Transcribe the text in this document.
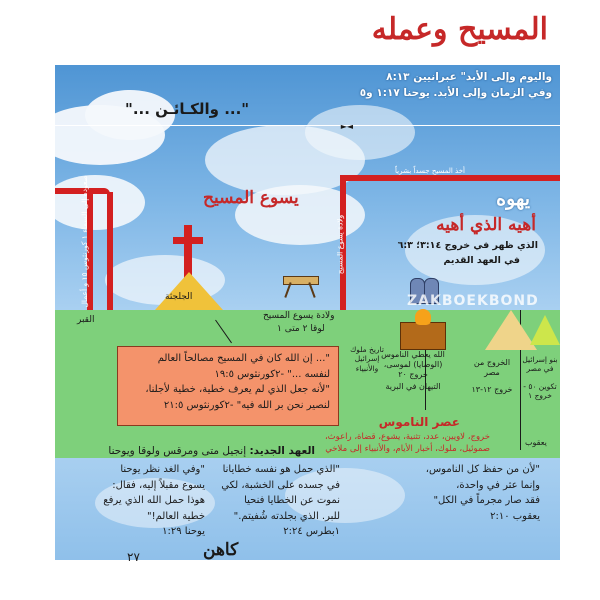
المسيح وعمله
واليوم وإلى الأبد" عبرانيين ٨:١٣
وفي الزمان وإلى الأبد. يوحنا ١:١٧ و٥
"... والكـائـن ..."
◄►
صعوده إلى السماء ١ كورنثوس ١٥ و أعمال
ولادة يسوع المسيح
أخذ المسيح جسداً بشرياً
يسوع المسيح	يهوه
أهيه الذي أهيه
الذي ظهر في خروج ٣:١٤؛ ٦:٣
في العهد القديم
الجلجثة	ZAKBOEKBOND
القبر	ولادة يسوع المسيح
لوقا ٢ متى ١
الله يعطي الناموس (الوصايا) لموسى، خروج ٢٠
التيهان في البرية
تاريخ ملوك إسرائيل والأنبياء
الخروج من مصر
خروج ١٢-١٣
بنو إسرائيل في مصر
تكوين ٥٠ - خروج ١
يعقوب
"... إن الله كان في المسيح مصالحاً العالم
لنفسه ..." -٢كورنثوس ١٩:٥
"لأنه جعل الذي لم يعرف خطية، خطية لأجلنا،
لنصير نحن بر الله فيه" -٢كورنثوس ٢١:٥
عصر الناموس
خروج، لاويين، عدد، تثنية، يشوع، قضاة، راعوث، صموئيل، ملوك، أخبار الأيام، والأنبياء إلى ملاخي
العهد الجديد: إنجيل متى ومرقس ولوقا ويوحنا
"وفي الغد نظر يوحنا
يسوع مقبلاً إليه، فقال:
هوذا حمل الله الذي يرفع
خطية العالم!"
يوحنا ١:٢٩
"الذي حمل هو نفسه خطايانا
في جسده على الخشبة، لكي
نموت عن الخطايا فنحيا
للبر. الذي بجلدته شُفيتم."
١بطرس ٢:٢٤
"لأن من حفظ كل الناموس،
وإنما عثر في واحدة،
فقد صار مجرماً في الكل"
يعقوب ٢:١٠
كاهن
٢٧
